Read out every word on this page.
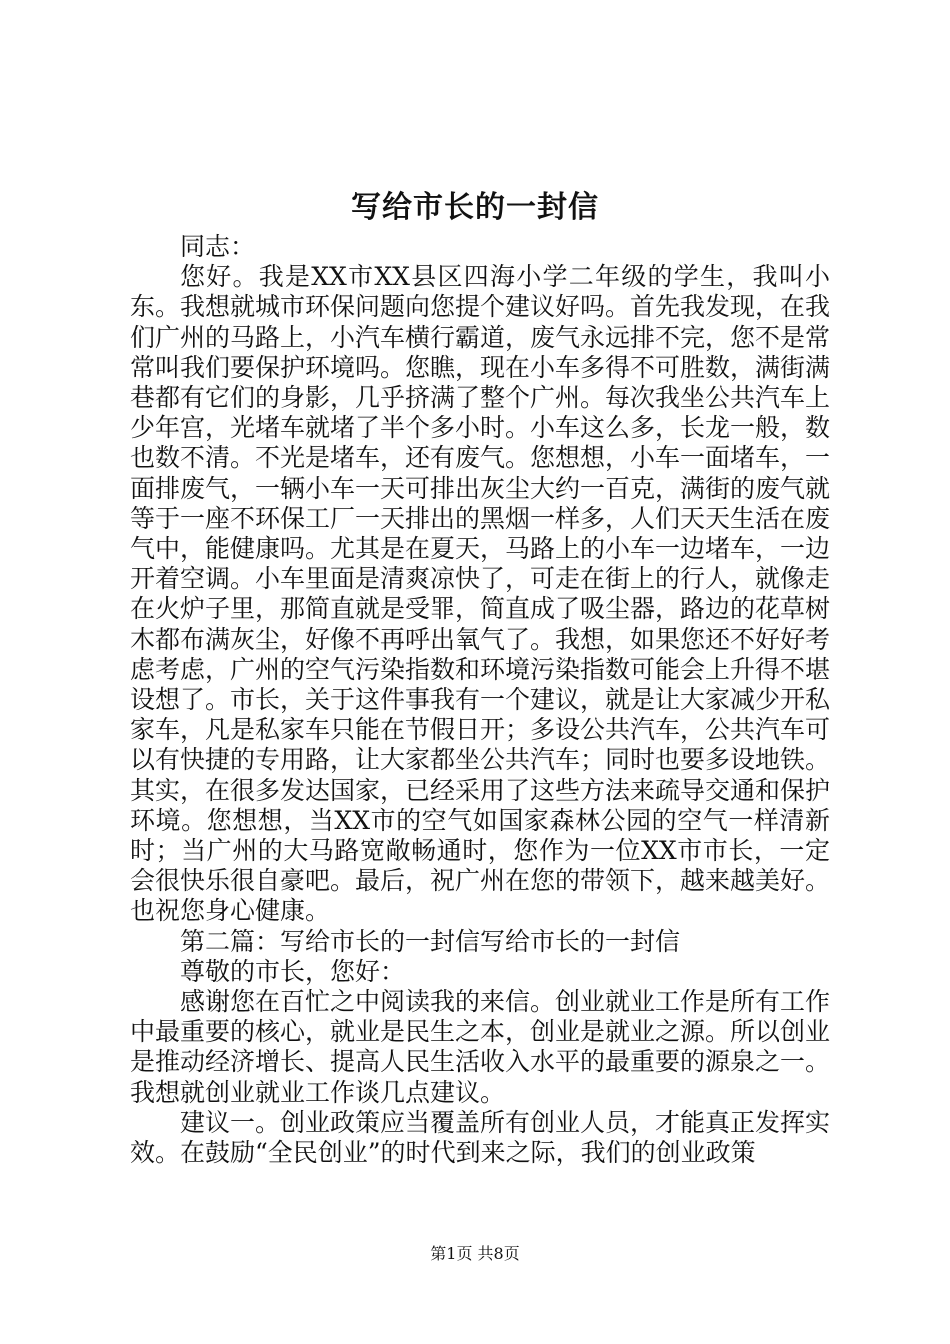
写给市长的一封信

同志：

您好。我是XX市XX县区四海小学二年级的学生，我叫小东。我想就城市环保问题向您提个建议好吗。首先我发现，在我们广州的马路上，小汽车横行霸道，废气永远排不完，您不是常常叫我们要保护环境吗。您瞧，现在小车多得不可胜数，满街满巷都有它们的身影，几乎挤满了整个广州。每次我坐公共汽车上少年宫，光堵车就堵了半个多小时。小车这么多，长龙一般，数也数不清。不光是堵车，还有废气。您想想，小车一面堵车，一面排废气，一辆小车一天可排出灰尘大约一百克，满街的废气就等于一座不环保工厂一天排出的黑烟一样多，人们天天生活在废气中，能健康吗。尤其是在夏天，马路上的小车一边堵车，一边开着空调。小车里面是清爽凉快了，可走在街上的行人，就像走在火炉子里，那简直就是受罪，简直成了吸尘器，路边的花草树木都布满灰尘，好像不再呼出氧气了。我想，如果您还不好好考虑考虑，广州的空气污染指数和环境污染指数可能会上升得不堪设想了。市长，关于这件事我有一个建议，就是让大家减少开私家车，凡是私家车只能在节假日开；多设公共汽车，公共汽车可以有快捷的专用路，让大家都坐公共汽车；同时也要多设地铁。其实，在很多发达国家，已经采用了这些方法来疏导交通和保护环境。您想想，当XX市的空气如国家森林公园的空气一样清新时；当广州的大马路宽敞畅通时，您作为一位XX市市长，一定会很快乐很自豪吧。最后，祝广州在您的带领下，越来越美好。也祝您身心健康。

第二篇：写给市长的一封信写给市长的一封信

尊敬的市长，您好：

感谢您在百忙之中阅读我的来信。创业就业工作是所有工作中最重要的核心，就业是民生之本，创业是就业之源。所以创业是推动经济增长、提高人民生活收入水平的最重要的源泉之一。我想就创业就业工作谈几点建议。

建议一。创业政策应当覆盖所有创业人员，才能真正发挥实效。在鼓励“全民创业”的时代到来之际，我们的创业政策

第1页 共8页
